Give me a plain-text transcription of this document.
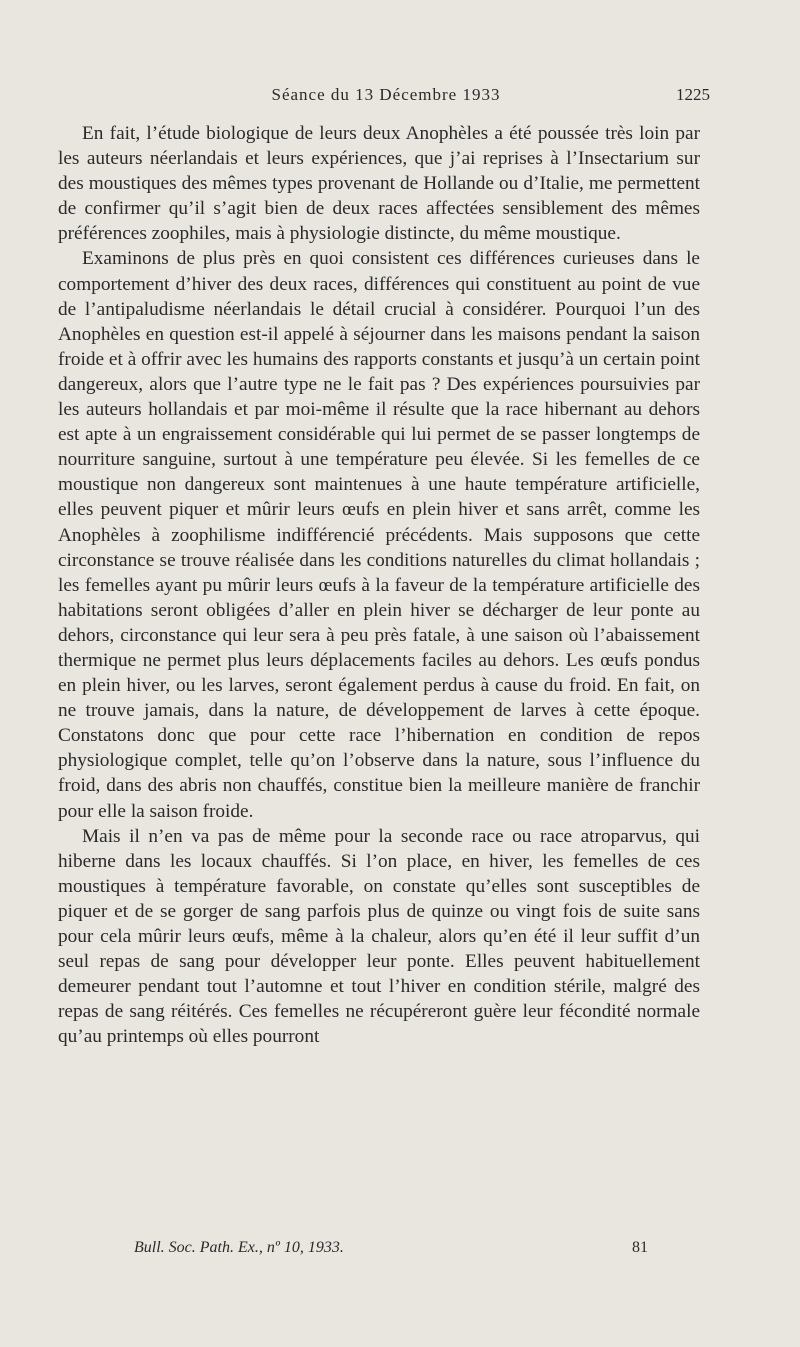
Séance du 13 Décembre 1933	1225

En fait, l’étude biologique de leurs deux Anophèles a été poussée très loin par les auteurs néerlandais et leurs expériences, que j’ai reprises à l’Insectarium sur des moustiques des mêmes types provenant de Hollande ou d’Italie, me permettent de confirmer qu’il s’agit bien de deux races affectées sensiblement des mêmes préférences zoophiles, mais à physiologie distincte, du même moustique.

Examinons de plus près en quoi consistent ces différences curieuses dans le comportement d’hiver des deux races, différences qui constituent au point de vue de l’antipaludisme néerlandais le détail crucial à considérer. Pourquoi l’un des Anophèles en question est-il appelé à séjourner dans les maisons pendant la saison froide et à offrir avec les humains des rapports constants et jusqu’à un certain point dangereux, alors que l’autre type ne le fait pas ? Des expériences poursuivies par les auteurs hollandais et par moi-même il résulte que la race hibernant au dehors est apte à un engraissement considérable qui lui permet de se passer longtemps de nourriture sanguine, surtout à une température peu élevée. Si les femelles de ce moustique non dangereux sont maintenues à une haute température artificielle, elles peuvent piquer et mûrir leurs œufs en plein hiver et sans arrêt, comme les Anophèles à zoophilisme indifférencié précédents. Mais supposons que cette circonstance se trouve réalisée dans les conditions naturelles du climat hollandais ; les femelles ayant pu mûrir leurs œufs à la faveur de la température artificielle des habitations seront obligées d’aller en plein hiver se décharger de leur ponte au dehors, circonstance qui leur sera à peu près fatale, à une saison où l’abaissement thermique ne permet plus leurs déplacements faciles au dehors. Les œufs pondus en plein hiver, ou les larves, seront également perdus à cause du froid. En fait, on ne trouve jamais, dans la nature, de développement de larves à cette époque. Constatons donc que pour cette race l’hibernation en condition de repos physiologique complet, telle qu’on l’observe dans la nature, sous l’influence du froid, dans des abris non chauffés, constitue bien la meilleure manière de franchir pour elle la saison froide.

Mais il n’en va pas de même pour la seconde race ou race atroparvus, qui hiberne dans les locaux chauffés. Si l’on place, en hiver, les femelles de ces moustiques à température favorable, on constate qu’elles sont susceptibles de piquer et de se gorger de sang parfois plus de quinze ou vingt fois de suite sans pour cela mûrir leurs œufs, même à la chaleur, alors qu’en été il leur suffit d’un seul repas de sang pour développer leur ponte. Elles peuvent habituellement demeurer pendant tout l’automne et tout l’hiver en condition stérile, malgré des repas de sang réitérés. Ces femelles ne récupéreront guère leur fécondité normale qu’au printemps où elles pourront

Bull. Soc. Path. Ex., nº 10, 1933.	81
